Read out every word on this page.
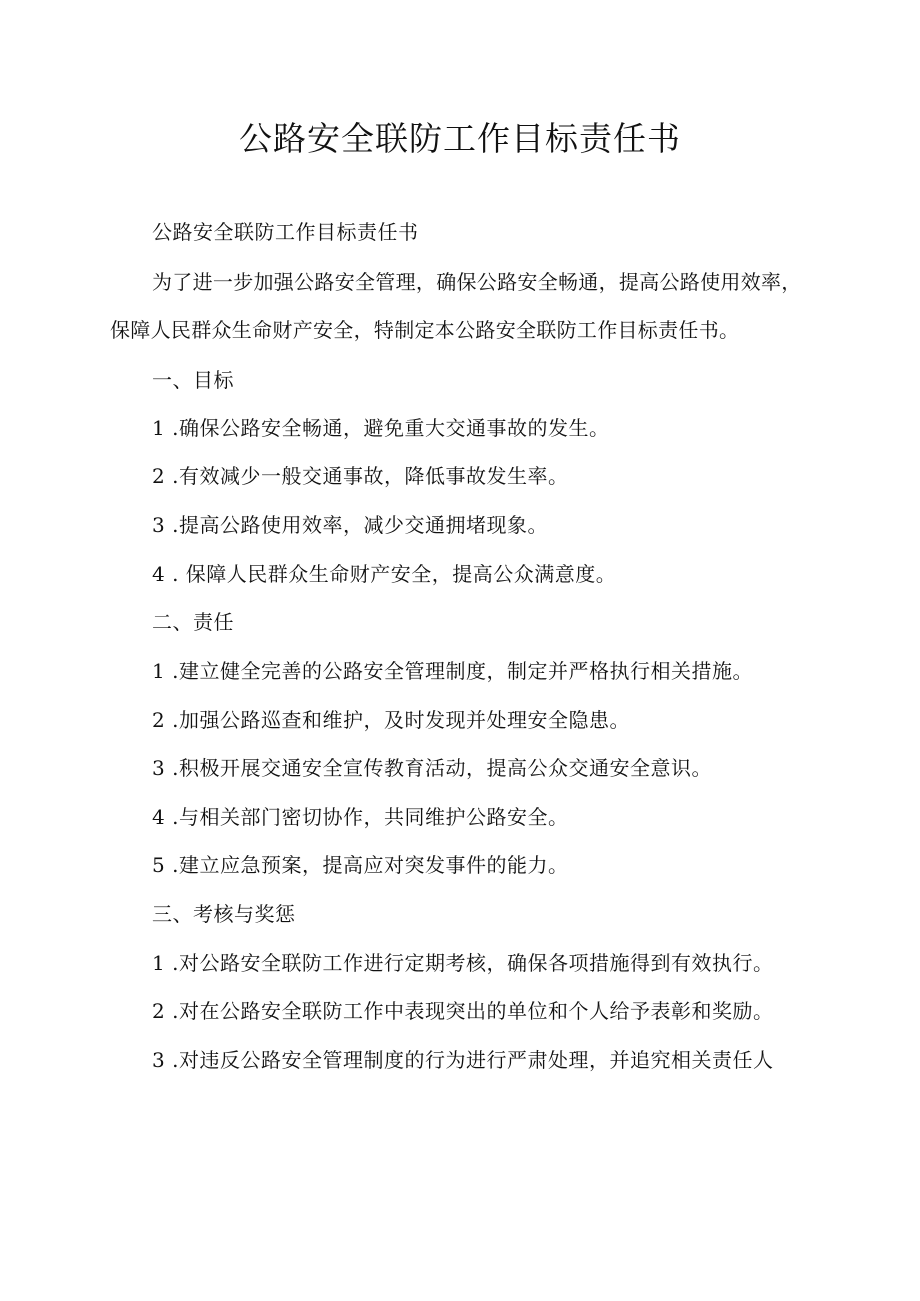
公路安全联防工作目标责任书
公路安全联防工作目标责任书
为了进一步加强公路安全管理，确保公路安全畅通，提高公路使用效率，
保障人民群众生命财产安全，特制定本公路安全联防工作目标责任书。
一、目标
1 .确保公路安全畅通，避免重大交通事故的发生。
2 .有效减少一般交通事故，降低事故发生率。
3 .提高公路使用效率，减少交通拥堵现象。
4 . 保障人民群众生命财产安全，提高公众满意度。
二、责任
1 .建立健全完善的公路安全管理制度，制定并严格执行相关措施。
2 .加强公路巡查和维护，及时发现并处理安全隐患。
3 .积极开展交通安全宣传教育活动，提高公众交通安全意识。
4 .与相关部门密切协作，共同维护公路安全。
5 .建立应急预案，提高应对突发事件的能力。
三、考核与奖惩
1 .对公路安全联防工作进行定期考核，确保各项措施得到有效执行。
2 .对在公路安全联防工作中表现突出的单位和个人给予表彰和奖励。
3 .对违反公路安全管理制度的行为进行严肃处理，并追究相关责任人
